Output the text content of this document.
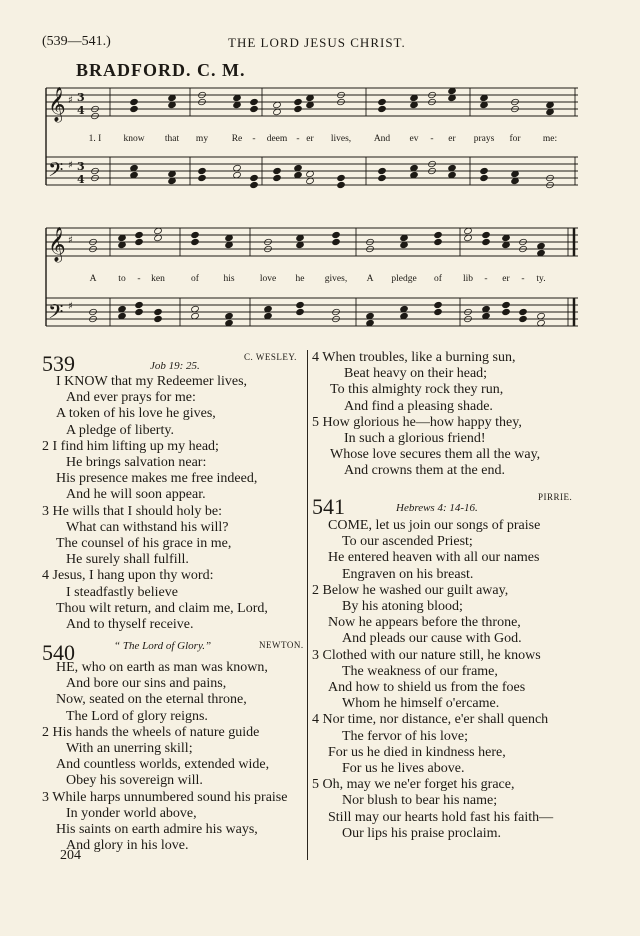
(539—541.)	THE LORD JESUS CHRIST.
BRADFORD. C. M.
𝄞
𝄢
𝄞
𝄢
♯
♯
♯
♯
3
4
3
4
1. I know that my Re - deem - er lives, And ev - er prays for me:
A to - ken	of	his	love he gives, A pledge of lib - er - ty.
539	Job 19: 25.
C. WESLEY.
I KNOW that my Redeemer lives,
And ever prays for me:
A token of his love he gives,
A pledge of liberty.
2 I find him lifting up my head;
He brings salvation near:
His presence makes me free indeed,
And he will soon appear.
3 He wills that I should holy be:
What can withstand his will?
The counsel of his grace in me,
He surely shall fulfill.
4 Jesus, I hang upon thy word:
I steadfastly believe
Thou wilt return, and claim me, Lord,
And to thyself receive.
540	“ The Lord of Glory.”	NEWTON.
HE, who on earth as man was known,
And bore our sins and pains,
Now, seated on the eternal throne,
The Lord of glory reigns.
2 His hands the wheels of nature guide
With an unerring skill;
And countless worlds, extended wide,
Obey his sovereign will.
3 While harps unnumbered sound his praise
In yonder world above,
His saints on earth admire his ways,
And glory in his love.
204
4 When troubles, like a burning sun,
Beat heavy on their head;
To this almighty rock they run,
And find a pleasing shade.
5 How glorious he—how happy they,
In such a glorious friend!
Whose love secures them all the way,
And crowns them at the end.
541	Hebrews 4: 14-16.
PIRRIE.
COME, let us join our songs of praise
To our ascended Priest;
He entered heaven with all our names
Engraven on his breast.
2 Below he washed our guilt away,
By his atoning blood;
Now he appears before the throne,
And pleads our cause with God.
3 Clothed with our nature still, he knows
The weakness of our frame,
And how to shield us from the foes
Whom he himself o'ercame.
4 Nor time, nor distance, e'er shall quench
The fervor of his love;
For us he died in kindness here,
For us he lives above.
5 Oh, may we ne'er forget his grace,
Nor blush to bear his name;
Still may our hearts hold fast his faith—
Our lips his praise proclaim.
